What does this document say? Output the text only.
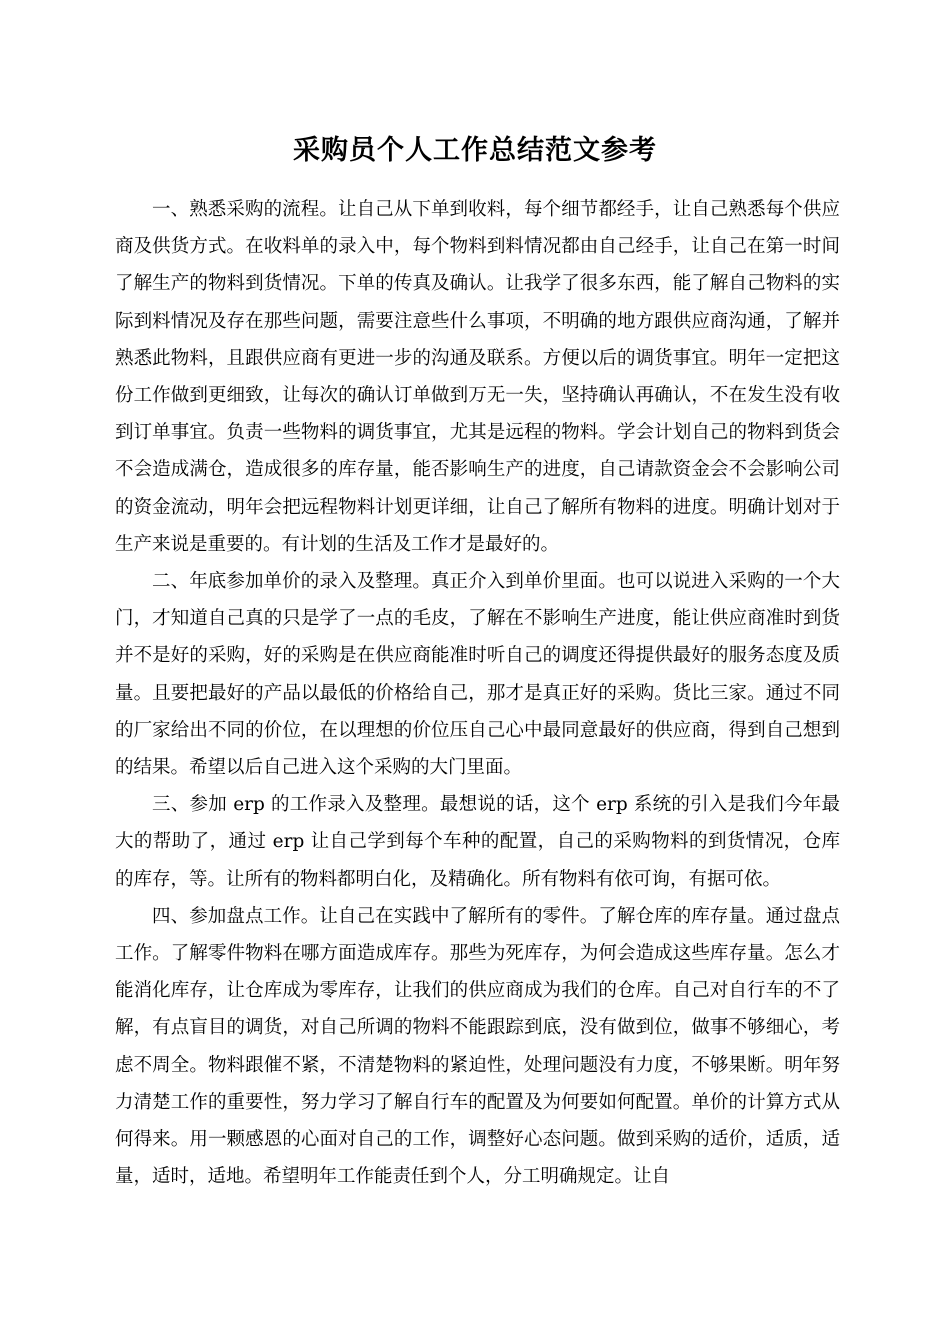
采购员个人工作总结范文参考

一、熟悉采购的流程。让自己从下单到收料，每个细节都经手，让自己熟悉每个供应商及供货方式。在收料单的录入中，每个物料到料情况都由自己经手，让自己在第一时间了解生产的物料到货情况。下单的传真及确认。让我学了很多东西，能了解自己物料的实际到料情况及存在那些问题，需要注意些什么事项，不明确的地方跟供应商沟通，了解并熟悉此物料，且跟供应商有更进一步的沟通及联系。方便以后的调货事宜。明年一定把这份工作做到更细致，让每次的确认订单做到万无一失，坚持确认再确认，不在发生没有收到订单事宜。负责一些物料的调货事宜，尤其是远程的物料。学会计划自己的物料到货会不会造成满仓，造成很多的库存量，能否影响生产的进度，自己请款资金会不会影响公司的资金流动，明年会把远程物料计划更详细，让自己了解所有物料的进度。明确计划对于生产来说是重要的。有计划的生活及工作才是最好的。

二、年底参加单价的录入及整理。真正介入到单价里面。也可以说进入采购的一个大门，才知道自己真的只是学了一点的毛皮，了解在不影响生产进度，能让供应商准时到货并不是好的采购，好的采购是在供应商能准时听自己的调度还得提供最好的服务态度及质量。且要把最好的产品以最低的价格给自己，那才是真正好的采购。货比三家。通过不同的厂家给出不同的价位，在以理想的价位压自己心中最同意最好的供应商，得到自己想到的结果。希望以后自己进入这个采购的大门里面。

三、参加 erp 的工作录入及整理。最想说的话，这个 erp 系统的引入是我们今年最大的帮助了，通过 erp 让自己学到每个车种的配置，自己的采购物料的到货情况，仓库的库存，等。让所有的物料都明白化，及精确化。所有物料有依可询，有据可依。

四、参加盘点工作。让自己在实践中了解所有的零件。了解仓库的库存量。通过盘点工作。了解零件物料在哪方面造成库存。那些为死库存，为何会造成这些库存量。怎么才能消化库存，让仓库成为零库存，让我们的供应商成为我们的仓库。自己对自行车的不了解，有点盲目的调货，对自己所调的物料不能跟踪到底，没有做到位，做事不够细心，考虑不周全。物料跟催不紧，不清楚物料的紧迫性，处理问题没有力度，不够果断。明年努力清楚工作的重要性，努力学习了解自行车的配置及为何要如何配置。单价的计算方式从何得来。用一颗感恩的心面对自己的工作，调整好心态问题。做到采购的适价，适质，适量，适时，适地。希望明年工作能责任到个人，分工明确规定。让自
